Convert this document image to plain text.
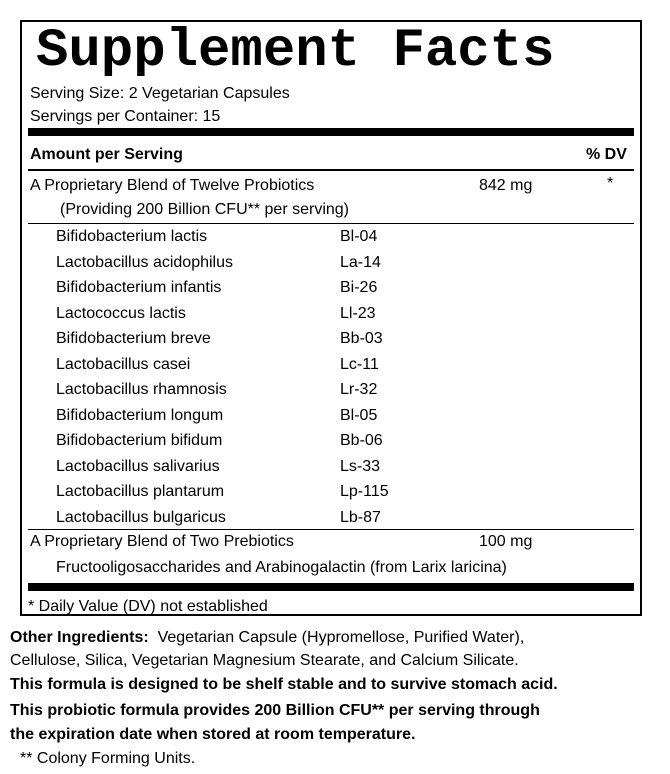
Supplement Facts
Serving Size: 2 Vegetarian Capsules
Servings per Container: 15
Amount per Serving	% DV
A Proprietary Blend of Twelve Probiotics	842 mg	*
(Providing 200 Billion CFU** per serving)
Bifidobacterium lactis	Bl-04
Lactobacillus acidophilus	La-14
Bifidobacterium infantis	Bi-26
Lactococcus lactis	Ll-23
Bifidobacterium breve	Bb-03
Lactobacillus casei	Lc-11
Lactobacillus rhamnosis	Lr-32
Bifidobacterium longum	Bl-05
Bifidobacterium bifidum	Bb-06
Lactobacillus salivarius	Ls-33
Lactobacillus plantarum	Lp-115
Lactobacillus bulgaricus	Lb-87
A Proprietary Blend of Two Prebiotics	100 mg
Fructooligosaccharides and Arabinogalactin (from Larix laricina)
* Daily Value (DV) not established
Other Ingredients:  Vegetarian Capsule (Hypromellose, Purified Water),
Cellulose, Silica, Vegetarian Magnesium Stearate, and Calcium Silicate.
This formula is designed to be shelf stable and to survive stomach acid.
This probiotic formula provides 200 Billion CFU** per serving through
the expiration date when stored at room temperature.
** Colony Forming Units.
